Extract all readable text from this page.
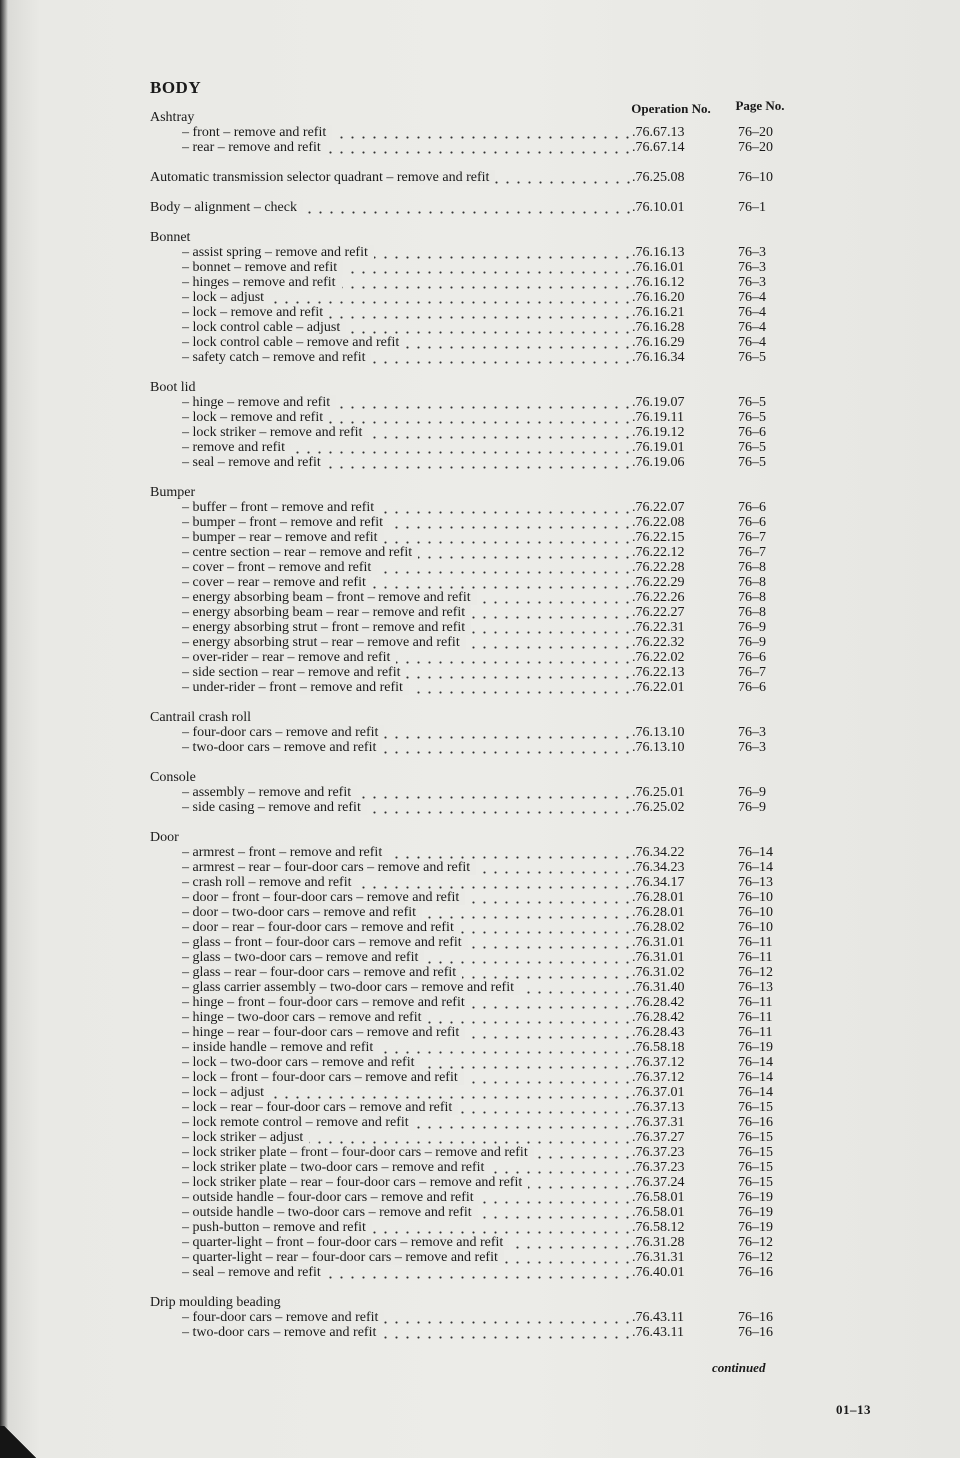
BODY
Operation No.	Page No.
Ashtray
– front – remove and refit	. 76.67.13	76–20
– rear – remove and refit	. 76.67.14	76–20
Automatic transmission selector quadrant – remove and refit	. 76.25.08	76–10
Body – alignment – check	. 76.10.01	76–1
Bonnet
– assist spring – remove and refit	. 76.16.13	76–3
– bonnet – remove and refit	. 76.16.01	76–3
– hinges – remove and refit	. 76.16.12	76–3
– lock – adjust	. 76.16.20	76–4
– lock – remove and refit	. 76.16.21	76–4
– lock control cable – adjust	. 76.16.28	76–4
– lock control cable – remove and refit	. 76.16.29	76–4
– safety catch – remove and refit	. 76.16.34	76–5
Boot lid
– hinge – remove and refit	. 76.19.07	76–5
– lock – remove and refit	. 76.19.11	76–5
– lock striker – remove and refit	. 76.19.12	76–6
– remove and refit	. 76.19.01	76–5
– seal – remove and refit	. 76.19.06	76–5
Bumper
– buffer – front – remove and refit	. 76.22.07	76–6
– bumper – front – remove and refit	. 76.22.08	76–6
– bumper – rear – remove and refit	. 76.22.15	76–7
– centre section – rear – remove and refit	. 76.22.12	76–7
– cover – front – remove and refit	. 76.22.28	76–8
– cover – rear – remove and refit	. 76.22.29	76–8
– energy absorbing beam – front – remove and refit	. 76.22.26	76–8
– energy absorbing beam – rear – remove and refit	. 76.22.27	76–8
– energy absorbing strut – front – remove and refit	. 76.22.31	76–9
– energy absorbing strut – rear – remove and refit	. 76.22.32	76–9
– over-rider – rear – remove and refit	. 76.22.02	76–6
– side section – rear – remove and refit	. 76.22.13	76–7
– under-rider – front – remove and refit	. 76.22.01	76–6
Cantrail crash roll
– four-door cars – remove and refit	. 76.13.10	76–3
– two-door cars – remove and refit	. 76.13.10	76–3
Console
– assembly – remove and refit	. 76.25.01	76–9
– side casing – remove and refit	. 76.25.02	76–9
Door
– armrest – front – remove and refit	. 76.34.22	76–14
– armrest – rear – four-door cars – remove and refit	. 76.34.23	76–14
– crash roll – remove and refit	. 76.34.17	76–13
– door – front – four-door cars – remove and refit	. 76.28.01	76–10
– door – two-door cars – remove and refit	. 76.28.01	76–10
– door – rear – four-door cars – remove and refit	. 76.28.02	76–10
– glass – front – four-door cars – remove and refit	. 76.31.01	76–11
– glass – two-door cars – remove and refit	. 76.31.01	76–11
– glass – rear – four-door cars – remove and refit	. 76.31.02	76–12
– glass carrier assembly – two-door cars – remove and refit	. 76.31.40	76–13
– hinge – front – four-door cars – remove and refit	. 76.28.42	76–11
– hinge – two-door cars – remove and refit	. 76.28.42	76–11
– hinge – rear – four-door cars – remove and refit	. 76.28.43	76–11
– inside handle – remove and refit	. 76.58.18	76–19
– lock – two-door cars – remove and refit	. 76.37.12	76–14
– lock – front – four-door cars – remove and refit	. 76.37.12	76–14
– lock – adjust	. 76.37.01	76–14
– lock – rear – four-door cars – remove and refit	. 76.37.13	76–15
– lock remote control – remove and refit	. 76.37.31	76–16
– lock striker – adjust	. 76.37.27	76–15
– lock striker plate – front – four-door cars – remove and refit	. 76.37.23	76–15
– lock striker plate – two-door cars – remove and refit	. 76.37.23	76–15
– lock striker plate – rear – four-door cars – remove and refit	. 76.37.24	76–15
– outside handle – four-door cars – remove and refit	. 76.58.01	76–19
– outside handle – two-door cars – remove and refit	. 76.58.01	76–19
– push-button – remove and refit	. 76.58.12	76–19
– quarter-light – front – four-door cars – remove and refit	. 76.31.28	76–12
– quarter-light – rear – four-door cars – remove and refit	. 76.31.31	76–12
– seal – remove and refit	. 76.40.01	76–16
Drip moulding beading
– four-door cars – remove and refit	. 76.43.11	76–16
– two-door cars – remove and refit	. 76.43.11	76–16
continued
01–13
